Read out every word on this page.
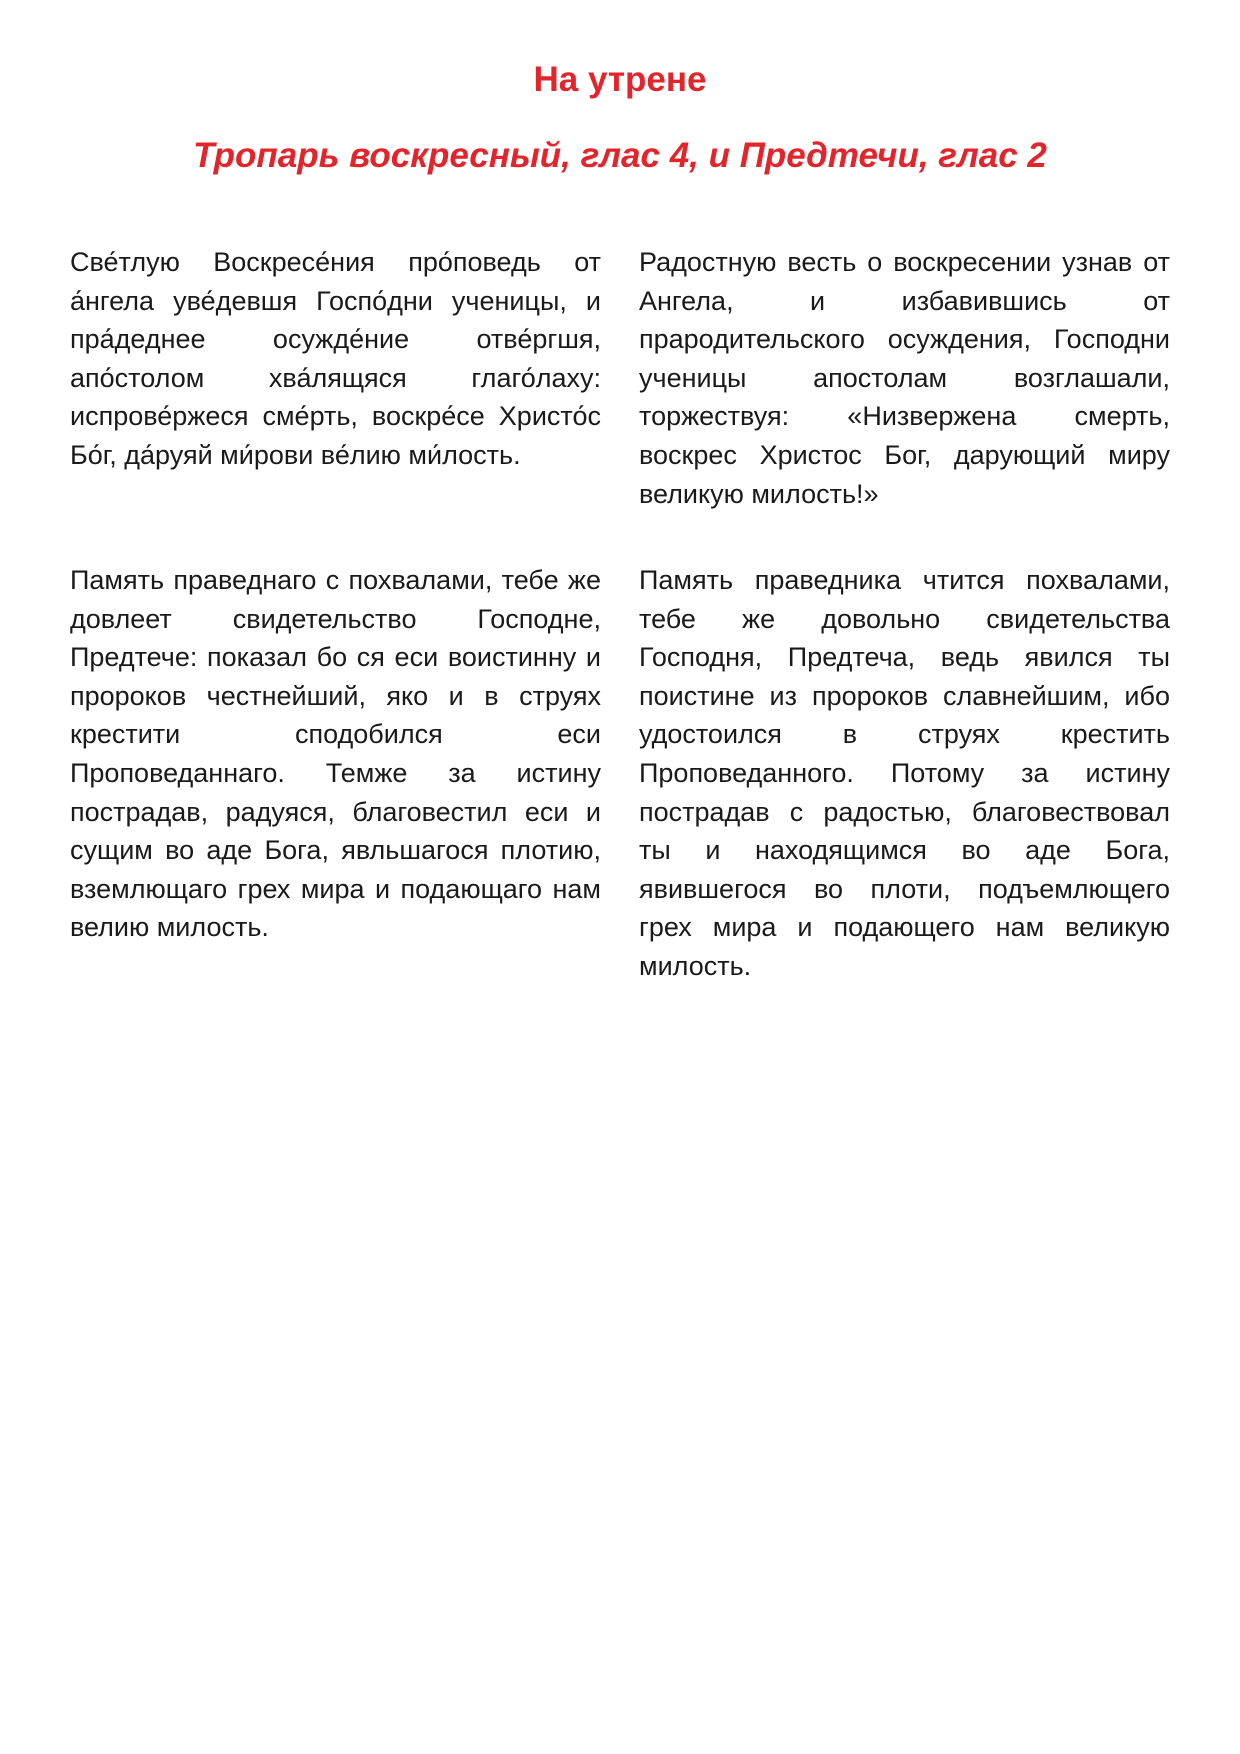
На утрене
Тропарь воскресный, глас 4, и Предтечи, глас 2

Све́тлую Воскресе́ния про́поведь от а́нгела уве́девшя Госпо́дни ученицы, и пра́деднее осужде́ние отве́ргшя, апо́столом хва́лящяся глаго́лаху: испрове́ржеся сме́рть, воскре́се Христо́с Бо́г, да́руяй ми́рови ве́лию ми́лость.

Радостную весть о воскресении узнав от Ангела, и избавившись от прародительского осуждения, Господни ученицы апостолам возглашали, торжествуя: «Низвержена смерть, воскрес Христос Бог, дарующий миру великую милость!»

Память праведнаго с похвалами, тебе же довлеет свидетельство Господне, Предтече: показал бо ся еси воистинну и пророков честнейший, яко и в струях крестити сподобился еси Проповеданнаго. Темже за истину пострадав, радуяся, благовестил еси и сущим во аде Бога, явльшагося плотию, вземлющаго грех мира и подающаго нам велию милость.

Память праведника чтится похвалами, тебе же довольно свидетельства Господня, Предтеча, ведь явился ты поистине из пророков славнейшим, ибо удостоился в струях крестить Проповеданного. Потому за истину пострадав с радостью, благовествовал ты и находящимся во аде Бога, явившегося во плоти, подъемлющего грех мира и подающего нам великую милость.
